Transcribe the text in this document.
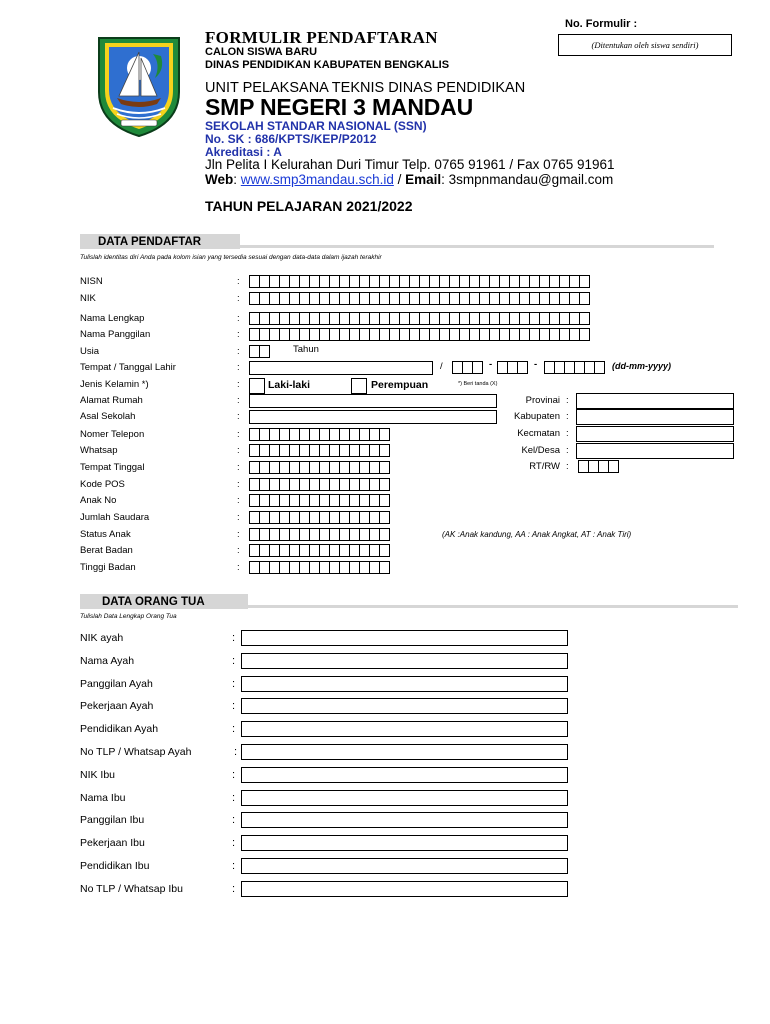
FORMULIR PENDAFTARAN
CALON SISWA BARU
DINAS PENDIDIKAN KABUPATEN BENGKALIS
UNIT PELAKSANA TEKNIS DINAS PENDIDIKAN
SMP NEGERI 3 MANDAU
SEKOLAH STANDAR NASIONAL (SSN)
No. SK : 686/KPTS/KEP/P2012
Akreditasi : A
Jln Pelita I Kelurahan Duri Timur Telp. 0765 91961 / Fax 0765 91961
Web: www.smp3mandau.sch.id / Email: 3smpnmandau@gmail.com
TAHUN PELAJARAN 2021/2022
No. Formulir :
(Ditentukan oleh siswa sendiri)
DATA PENDAFTAR
Tulislah identitas diri Anda pada kolom isian yang tersedia sesuai dengan data-data dalam ijazah terakhir
NISN	:
NIK	:
Nama Lengkap	:
Nama Panggilan	:
Usia	:	Tahun
Tempat / Tanggal Lahir	:	/	-	-	(dd-mm-yyyy)
Jenis Kelamin *)	:	Laki-laki	Perempuan	*) Beri tanda (X)
Alamat Rumah	:
Asal Sekolah	:
Nomer Telepon	:
Whatsap	:
Tempat Tinggal	:
Kode POS	:
Anak No	:
Jumlah Saudara	:
Status Anak	:
Berat Badan	:
Tinggi Badan	:
(AK :Anak kandung, AA : Anak Angkat, AT : Anak Tiri)
Provinai :
Kabupaten :
Kecmatan :
Kel/Desa :
RT/RW :
DATA ORANG TUA
Tulislah Data Lengkap Orang Tua
NIK ayah	:
Nama Ayah	:
Panggilan Ayah	:
Pekerjaan Ayah	:
Pendidikan Ayah	:
No TLP / Whatsap Ayah	:
NIK Ibu	:
Nama Ibu	:
Panggilan Ibu	:
Pekerjaan Ibu	:
Pendidikan Ibu	:
No TLP / Whatsap Ibu	:
